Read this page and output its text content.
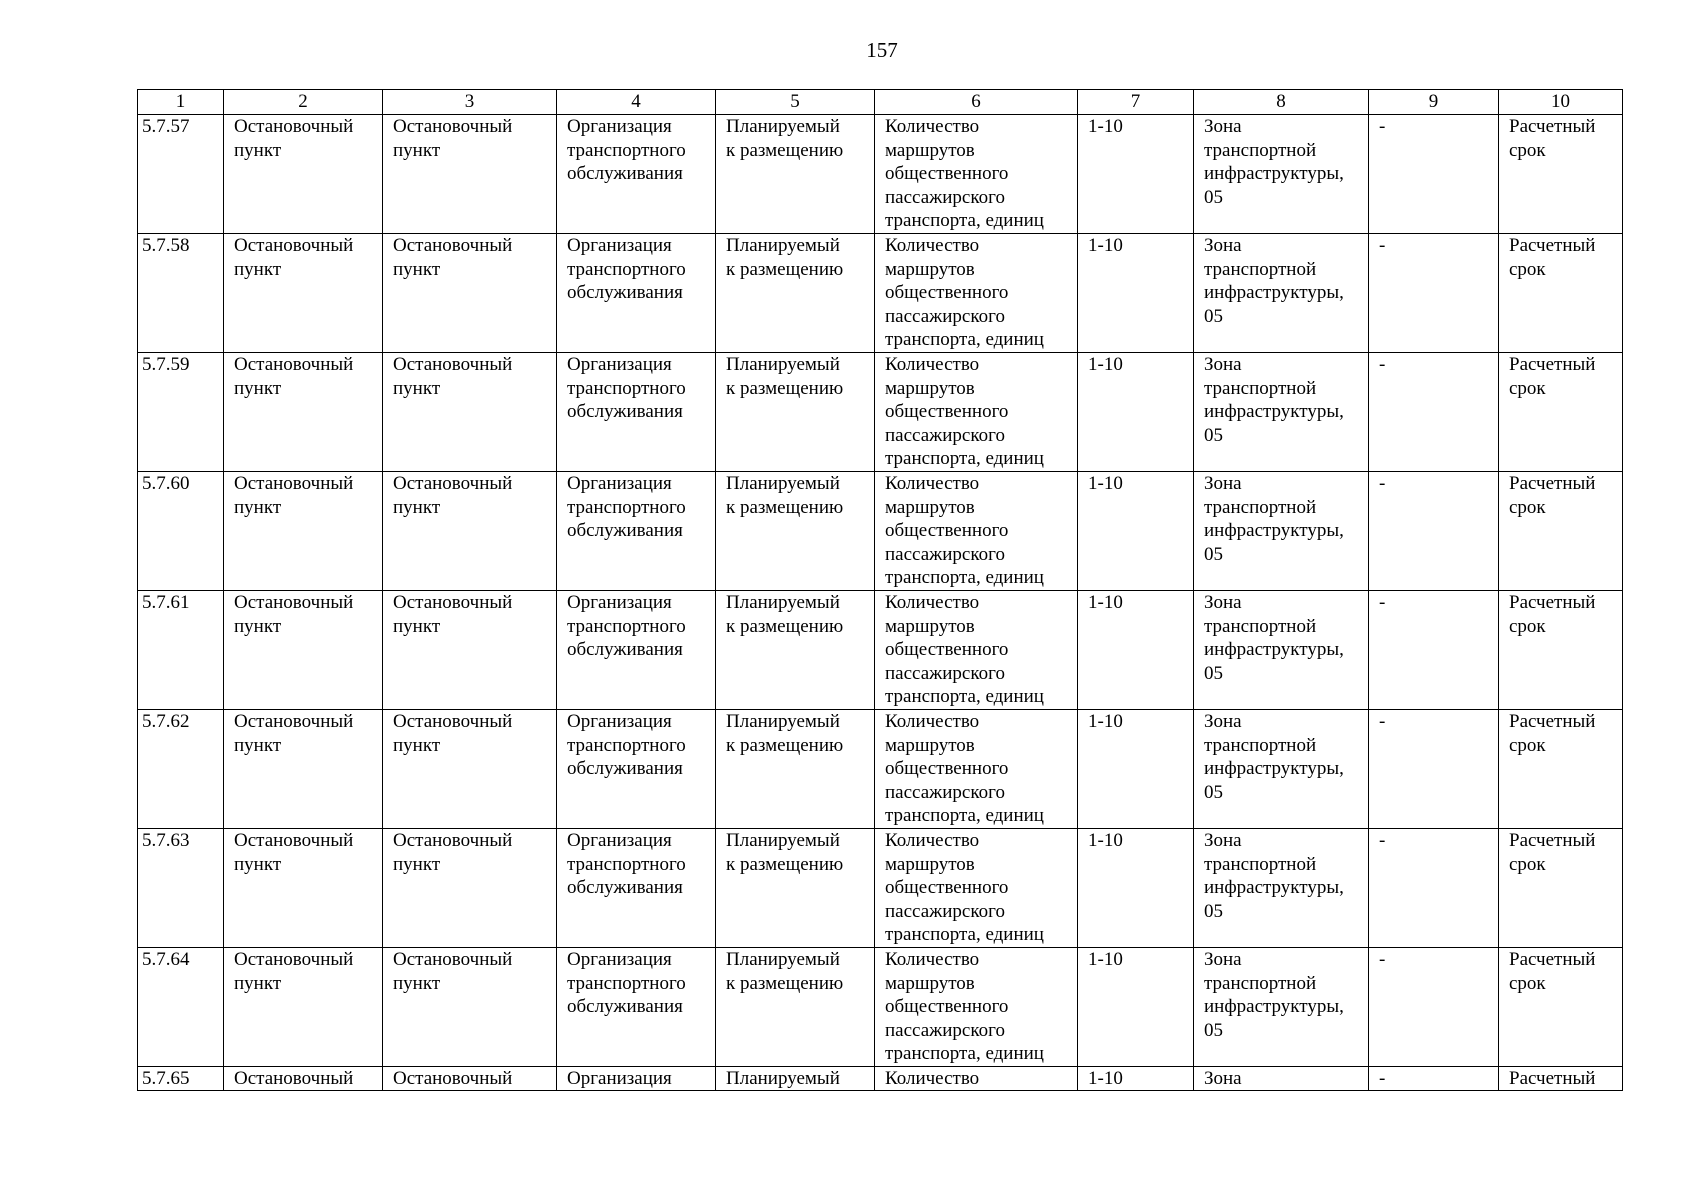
157
1	2	3	4	5	6	7	8	9	10

5.7.57	Остановочный
пункт	Остановочный
пункт	Организация
транспортного
обслуживания	Планируемый
к размещению	Количество
маршрутов
общественного
пассажирского
транспорта, единиц	1-10	Зона
транспортной
инфраструктуры,
05	-	Расчетный
срок

5.7.58	Остановочный
пункт	Остановочный
пункт	Организация
транспортного
обслуживания	Планируемый
к размещению	Количество
маршрутов
общественного
пассажирского
транспорта, единиц	1-10	Зона
транспортной
инфраструктуры,
05	-	Расчетный
срок

5.7.59	Остановочный
пункт	Остановочный
пункт	Организация
транспортного
обслуживания	Планируемый
к размещению	Количество
маршрутов
общественного
пассажирского
транспорта, единиц	1-10	Зона
транспортной
инфраструктуры,
05	-	Расчетный
срок

5.7.60	Остановочный
пункт	Остановочный
пункт	Организация
транспортного
обслуживания	Планируемый
к размещению	Количество
маршрутов
общественного
пассажирского
транспорта, единиц	1-10	Зона
транспортной
инфраструктуры,
05	-	Расчетный
срок

5.7.61	Остановочный
пункт	Остановочный
пункт	Организация
транспортного
обслуживания	Планируемый
к размещению	Количество
маршрутов
общественного
пассажирского
транспорта, единиц	1-10	Зона
транспортной
инфраструктуры,
05	-	Расчетный
срок

5.7.62	Остановочный
пункт	Остановочный
пункт	Организация
транспортного
обслуживания	Планируемый
к размещению	Количество
маршрутов
общественного
пассажирского
транспорта, единиц	1-10	Зона
транспортной
инфраструктуры,
05	-	Расчетный
срок

5.7.63	Остановочный
пункт	Остановочный
пункт	Организация
транспортного
обслуживания	Планируемый
к размещению	Количество
маршрутов
общественного
пассажирского
транспорта, единиц	1-10	Зона
транспортной
инфраструктуры,
05	-	Расчетный
срок

5.7.64	Остановочный
пункт	Остановочный
пункт	Организация
транспортного
обслуживания	Планируемый
к размещению	Количество
маршрутов
общественного
пассажирского
транспорта, единиц	1-10	Зона
транспортной
инфраструктуры,
05	-	Расчетный
срок

5.7.65	Остановочный	Остановочный	Организация	Планируемый	Количество	1-10	Зона	-	Расчетный
